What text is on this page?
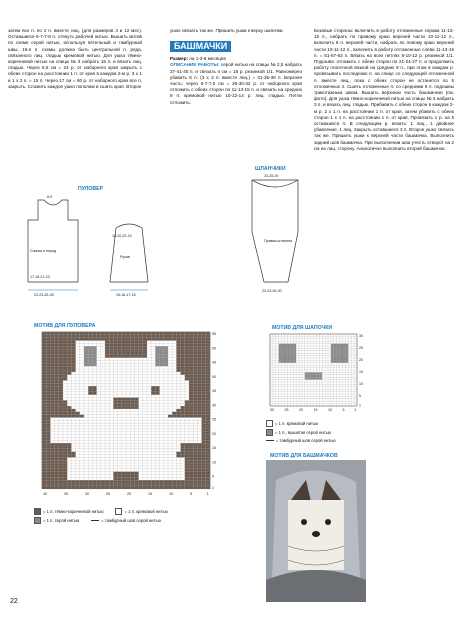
затем все п. по 2 п. вместе лиц. (для размеров 3 и 12 мес). Оставшиеся 6-7-7-8 п. стянуть рабочей нитью. Вышить мотив по схеме серой нитью, используя петельный и тамбурный швы. 16-я п. схемы должна быть центральной п. ряда, связанного лиц. гладью кремовой нитью. Для ушка тёмно-коричневой нитью на спицы № 3 набрать 15 п. и вязать лиц. гладью. Через 6,5 см = 24 р. от наборного края закрыть с обеих сторон на расстоянии 1 п. от края в каждом 2-м р. 3 х 1 и 1 х 2 п. = 15 п. Через 17 см = 60 р. от наборного края все п. закрыть. Сложить каждое ушко пополам и сшить края. Второе

ушко связать так же. Пришить ушки к верху шапочки.

БАШМАЧКИ

Размер: на 1-3-6 месяцев

ОПИСАНИЕ РАБОТЫ: серой нитью на спицы № 2,5 набрать 37-41-45 п. и связать 4 см = 18 р. резинкой 1/1. Равномерно убавить 6 п. (3 х 3 п. вместе лиц.) = 31-35-39 п. Верхняя часть: через 6-7-7,5 см = 26-30-32 р. от наборного края отложить с обеих сторон по 11-13-15 п. и связать на средних 9 п. кремовой нитью 10-12-14 р. лиц. гладью. Петли отложить.

Боковые стороны: включить в работу отложенные справа 11-13-15 п., набрать по правому краю верхней части 10-11-12 п., включить 9 п. верхней части, набрать по левому краю верхней части 10-11-12 п., включить в работу отложенные слева 11-13-15 п. = 51-57-63 п. Вязать на всех петлях 8-10-12 р. резинкой 1/1. Подошва: отложить с обеих сторон по 21-24-27 п. и продолжить работу платочной вязкой на средних 9 п., при этом в каждом р. провязывать последнюю п. на спице со следующей отложенной п. вместе лиц., пока с обеих сторон не останется по 5 отложенных п. Сшить отложенные п. со средними 9 п. подошвы трикотажным швом. Вышить верхнюю часть башмачков (см. фото). Для ушка тёмно-коричневой нитью на спицы № 3 набрать 3 п. и вязать лиц. гладью. Прибавить с обеих сторон в каждом 2-м р. 2 х 1 п. на расстоянии 1 п. от края, затем убавить с обеих сторон 1 х 1 п. на расстоянии 1 п. от края. Провязать 1 р. на 5 оставшихся п. В следующем р. вязать: 1 лиц., 1 двойное убавление, 1 лиц. Закрыть оставшиеся 3 п. Второе ушко связать так же. Пришить ушки к верхней части башмачка. Выполнить задний шов башмачка. При выполнении шва учесть отворот на 2 см на лиц. сторону. Аналогично выполнить второй башмачок.

ПУЛОВЕР
8-9
Спинка и перед
17-18-21-23
22-23-26-28
Рукав
18-20-22-24
15-16-17-18
ШЛАНЧИКИ
23-25-29
Правая штанина
22-23-26-30
МОТИВ ДЛЯ ПУЛОВЕРА
40	35	30	25	20	15	10	5	1
55
50
45
40
35
30
25
20
15
10
5
1
= 1 п. тёмно-коричневой нитью	= 1 п. кремовой нитью
= 1 п. серой нитью	= тамбурный шов серой нитью
МОТИВ ДЛЯ ШАПОЧКИ
30	25	20	15	10	5	1
30
25
20
15
10
5
1
= 1 п. кремовой нитью
= 1 п., вышитая серой нитью
= тамбурный шов серой нитью
МОТИВ ДЛЯ БАШМАЧКОВ
22
